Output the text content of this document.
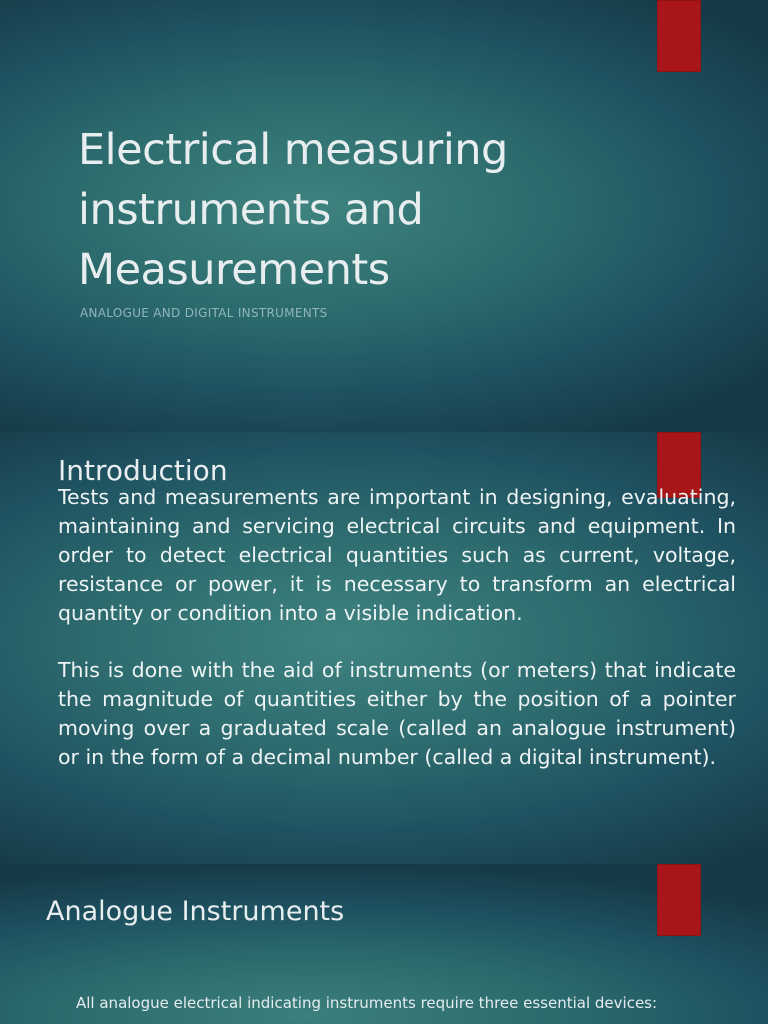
Electrical measuring instruments and Measurements

ANALOGUE AND DIGITAL INSTRUMENTS

Introduction

Tests and measurements are important in designing, evaluating, maintaining and servicing electrical circuits and equipment. In order to detect electrical quantities such as current, voltage, resistance or power, it is necessary to transform an electrical quantity or condition into a visible indication.

This is done with the aid of instruments (or meters) that indicate the magnitude of quantities either by the position of a pointer moving over a graduated scale (called an analogue instrument) or in the form of a decimal number (called a digital instrument).

Analogue Instruments

All analogue electrical indicating instruments require three essential devices:
